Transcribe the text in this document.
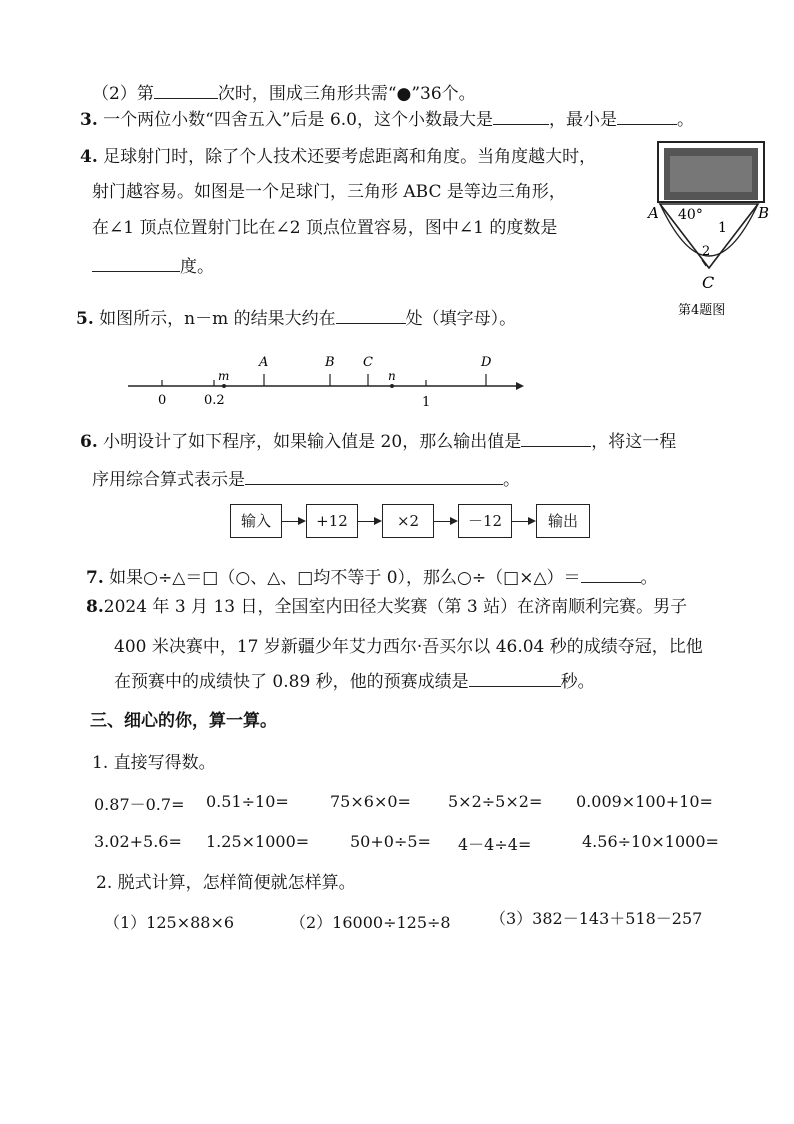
（2）第	次时，围成三角形共需“●”36个。
3. 一个两位小数“四舍五入”后是 6.0，这个小数最大是	，最小是	。
4. 足球射门时，除了个人技术还要考虑距离和角度。当角度越大时，
射门越容易。如图是一个足球门，三角形 ABC 是等边三角形，
在∠1 顶点位置射门比在∠2 顶点位置容易，图中∠1 的度数是
度。
A	B
C
40°
1
2
第4题图
5. 如图所示，n－m 的结果大约在	处（填字母）。
0	0.2	1
m	n
A	B C	D
6. 小明设计了如下程序，如果输入值是 20，那么输出值是	，将这一程
序用综合算式表示是	。
输入	+12	×2	－12	输出
7. 如果○÷△＝□（○、△、□均不等于 0），那么○÷（□×△）＝	。
8.2024 年 3 月 13 日，全国室内田径大奖赛（第 3 站）在济南顺利完赛。男子
400 米决赛中，17 岁新疆少年艾力西尔·吾买尔以 46.04 秒的成绩夺冠，比他
在预赛中的成绩快了 0.89 秒，他的预赛成绩是	秒。
三、细心的你，算一算。
1. 直接写得数。
0.87－0.7= 0.51÷10=	75×6×0= 5×2÷5×2= 0.009×100+10=
3.02+5.6= 1.25×1000=	50+0÷5= 4－4÷4=	4.56÷10×1000=
2. 脱式计算，怎样简便就怎样算。
（1）125×88×6	（2）16000÷125÷8 （3）382－143＋518－257
